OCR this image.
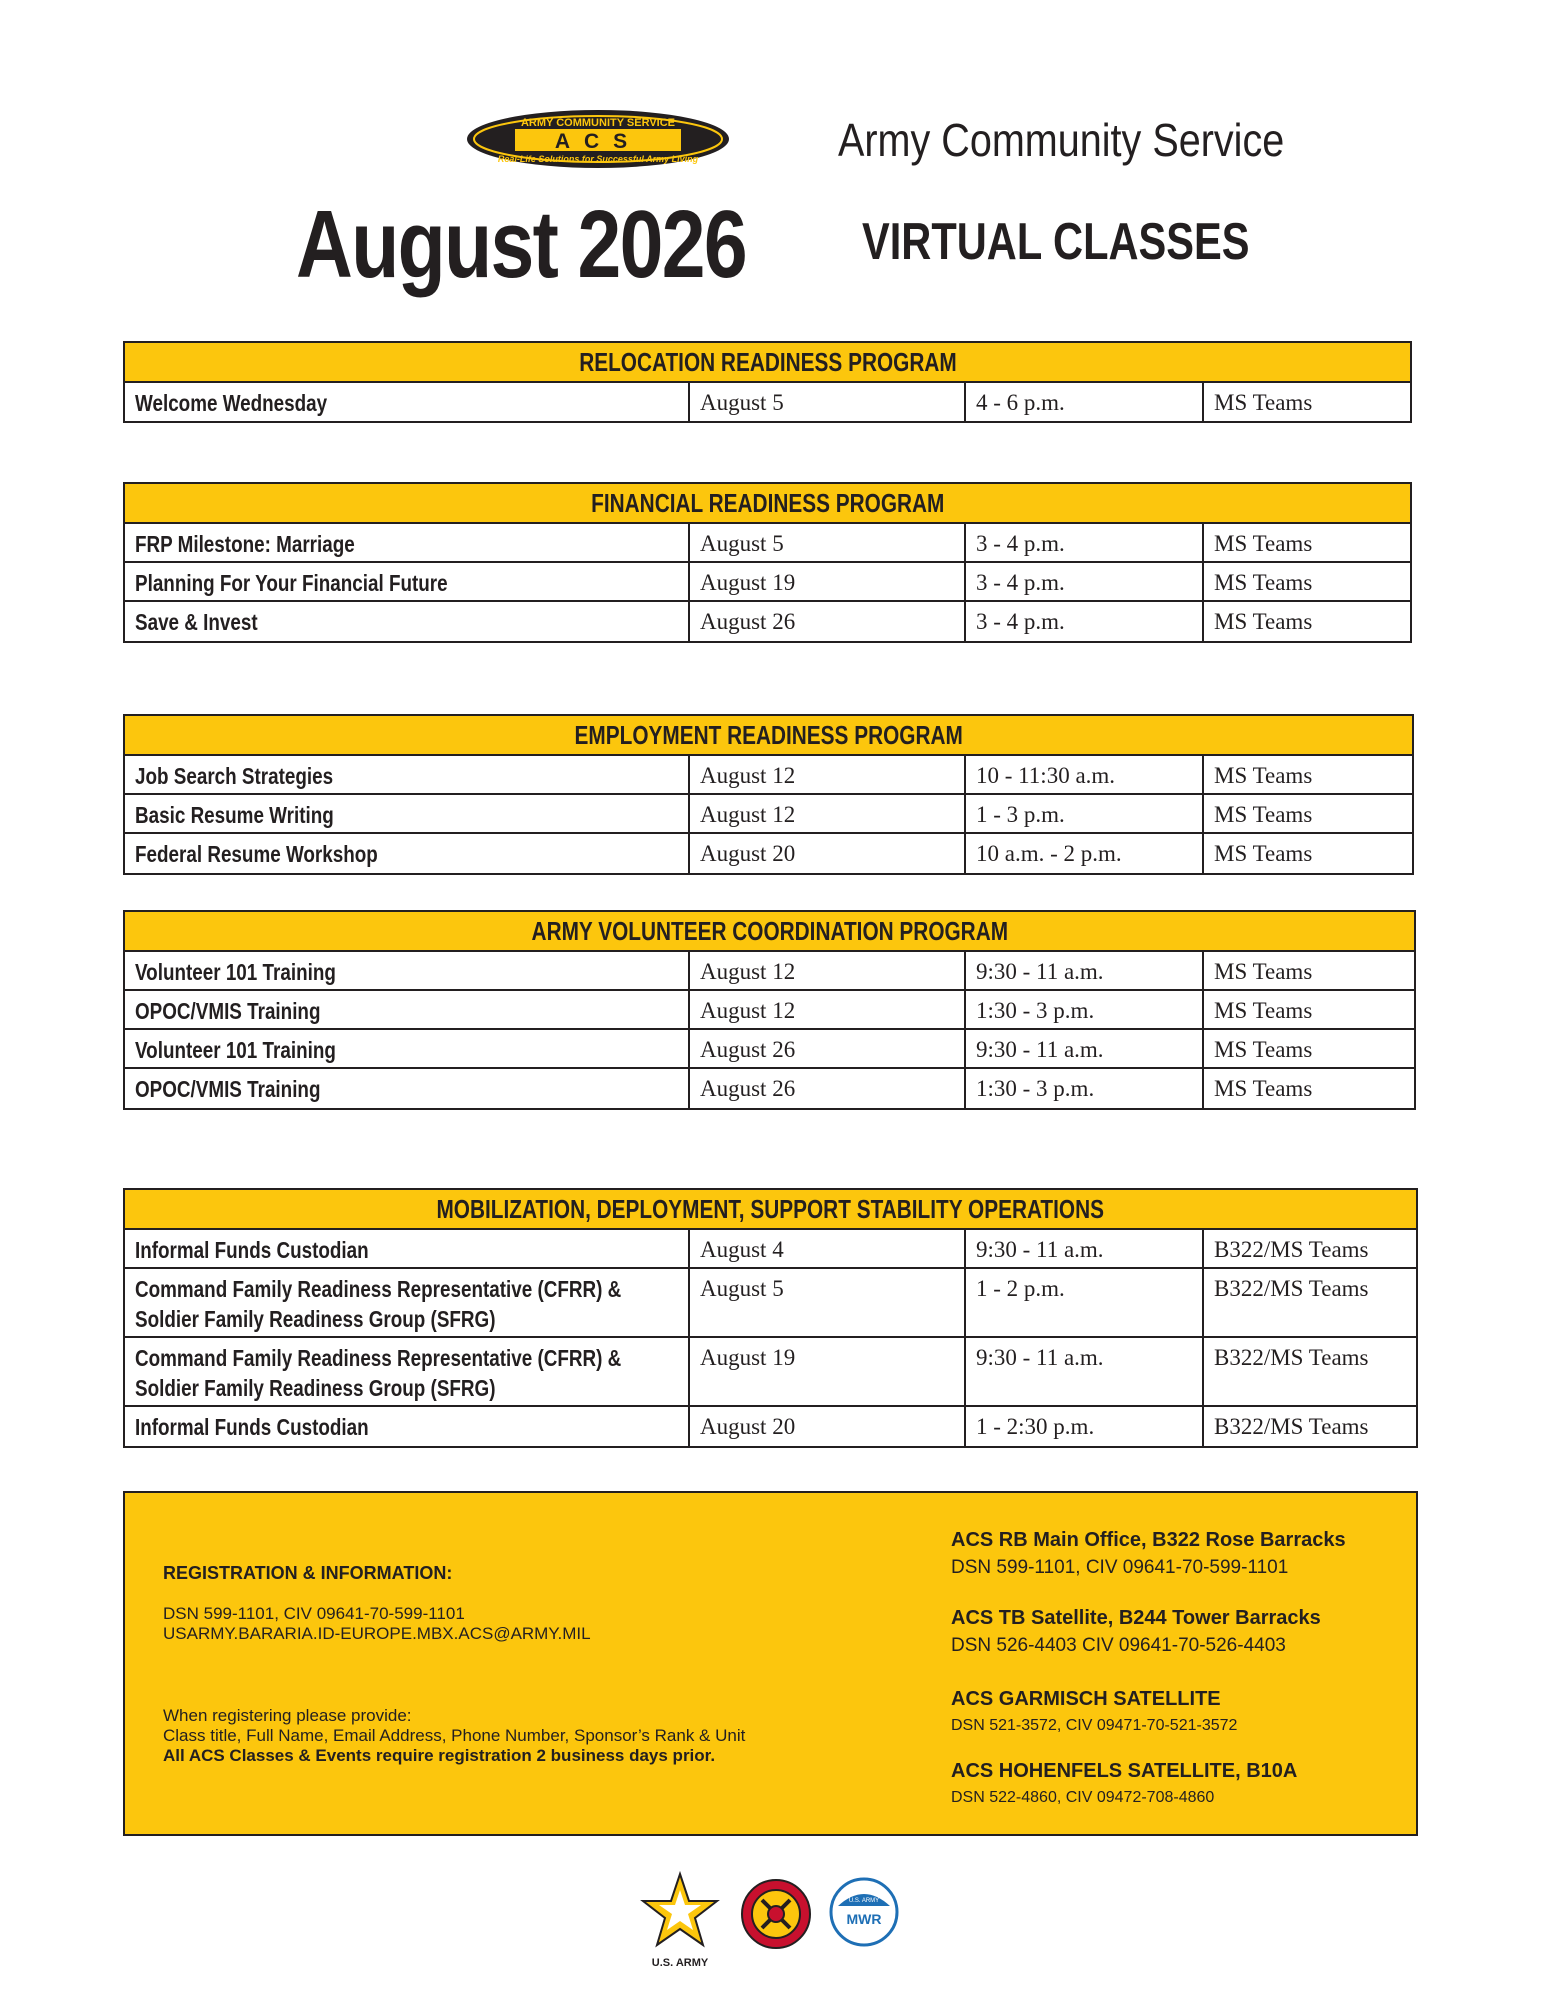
ARMY COMMUNITY SERVICE
ACS
Real-Life Solutions for Successful Army Living	Army Community Service
August 2026 VIRTUAL CLASSES
RELOCATION READINESS PROGRAM
Welcome Wednesday	August 5	4 - 6 p.m.	MS Teams
FINANCIAL READINESS PROGRAM
FRP Milestone: Marriage	August 5	3 - 4 p.m.	MS Teams
Planning For Your Financial Future	August 19	3 - 4 p.m.	MS Teams
Save & Invest	August 26	3 - 4 p.m.	MS Teams
EMPLOYMENT READINESS PROGRAM
Job Search Strategies	August 12	10 - 11:30 a.m.	MS Teams
Basic Resume Writing	August 12	1 - 3 p.m.	MS Teams
Federal Resume Workshop	August 20	10 a.m. - 2 p.m.	MS Teams
ARMY VOLUNTEER COORDINATION PROGRAM
Volunteer 101 Training	August 12	9:30 - 11 a.m.	MS Teams
OPOC/VMIS Training	August 12	1:30 - 3 p.m.	MS Teams
Volunteer 101 Training	August 26	9:30 - 11 a.m.	MS Teams
OPOC/VMIS Training	August 26	1:30 - 3 p.m.	MS Teams
MOBILIZATION, DEPLOYMENT, SUPPORT STABILITY OPERATIONS
Informal Funds Custodian	August 4	9:30 - 11 a.m.	B322/MS Teams
Command Family Readiness Representative (CFRR) &
Soldier Family Readiness Group (SFRG)
August 5	1 - 2 p.m.	B322/MS Teams
Command Family Readiness Representative (CFRR) &
Soldier Family Readiness Group (SFRG)
August 19	9:30 - 11 a.m.	B322/MS Teams
Informal Funds Custodian	August 20	1 - 2:30 p.m.	B322/MS Teams
REGISTRATION & INFORMATION:
DSN 599-1101, CIV 09641-70-599-1101
USARMY.BARARIA.ID-EUROPE.MBX.ACS@ARMY.MIL
When registering please provide:
Class title, Full Name, Email Address, Phone Number, Sponsor’s Rank & Unit
All ACS Classes & Events require registration 2 business days prior.
ACS RB Main Office, B322 Rose Barracks
DSN 599-1101, CIV 09641-70-599-1101
ACS TB Satellite, B244 Tower Barracks
DSN 526-4403 CIV 09641-70-526-4403
ACS GARMISCH SATELLITE
DSN 521-3572, CIV 09471-70-521-3572
ACS HOHENFELS SATELLITE, B10A
DSN 522-4860, CIV 09472-708-4860
U.S. ARMY
U.S. ARMY
MWR
